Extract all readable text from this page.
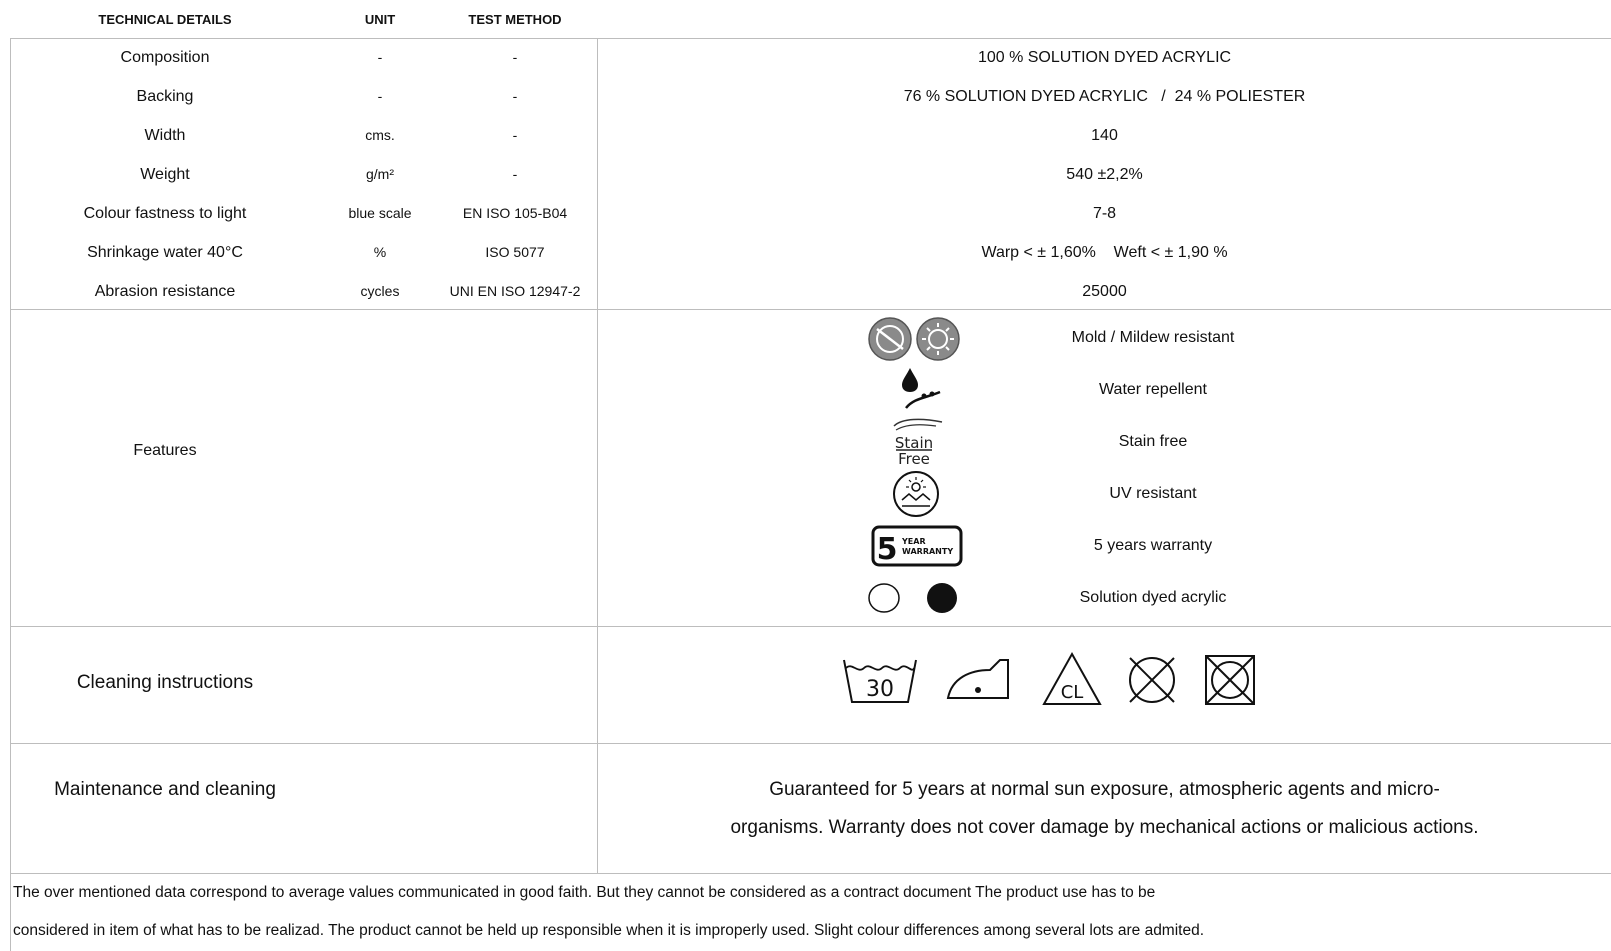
TECHNICAL DETAILS	UNIT	TEST METHOD
Composition	-	-	100 % SOLUTION DYED ACRYLIC
Backing	-	-	76 % SOLUTION DYED ACRYLIC   /  24 % POLIESTER
Width	cms.	-	140
Weight	g/m²	-	540 ±2,2%
Colour fastness to light	blue scale	EN ISO 105-B04	7-8
Shrinkage water 40°C	%	ISO 5077	Warp < ± 1,60%    Weft < ± 1,90 %
Abrasion resistance	cycles	UNI EN ISO 12947-2	25000
Features
Mold / Mildew resistant
Water repellent
Stain
Free
Stain free
UV resistant
5 YEAR
WARRANTY	5 years warranty
Solution dyed acrylic
Cleaning instructions	30	CL
Maintenance and cleaning	Guaranteed for 5 years at normal sun exposure, atmospheric agents and micro-
organisms. Warranty does not cover damage by mechanical actions or malicious actions.
The over mentioned data correspond to average values communicated in good faith. But they cannot be considered as a contract document The product use has to be
considered in item of what has to be realizad. The product cannot be held up responsible when it is improperly used. Slight colour differences among several lots are admited.
